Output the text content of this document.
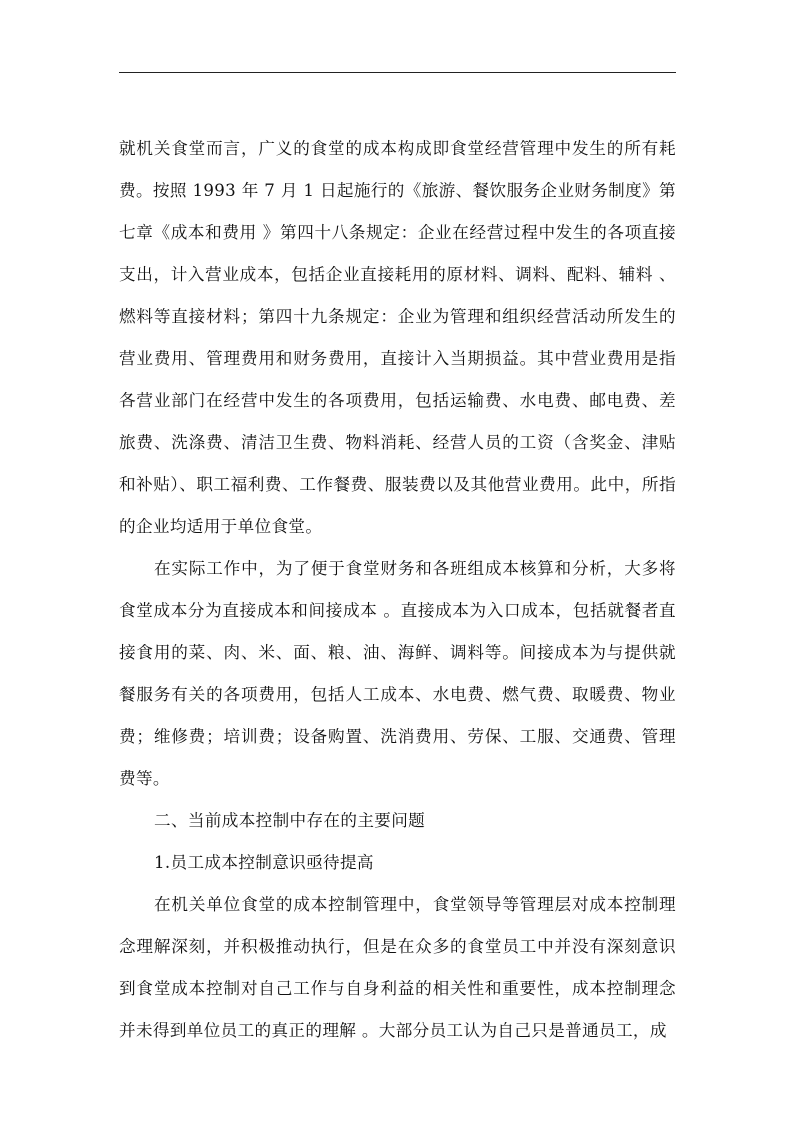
就机关食堂而言，广义的食堂的成本构成即食堂经营管理中发生的所有耗费。按照 1993 年 7 月 1 日起施行的《旅游、餐饮服务企业财务制度》第七章《成本和费用 》第四十八条规定：企业在经营过程中发生的各项直接支出，计入营业成本，包括企业直接耗用的原材料、调料、配料、辅料 、燃料等直接材料；第四十九条规定：企业为管理和组织经营活动所发生的营业费用、管理费用和财务费用，直接计入当期损益。其中营业费用是指各营业部门在经营中发生的各项费用，包括运输费、水电费、邮电费、差旅费、洗涤费、清洁卫生费、物料消耗、经营人员的工资（含奖金、津贴和补贴）、职工福利费、工作餐费、服装费以及其他营业费用。此中，所指的企业均适用于单位食堂。

在实际工作中，为了便于食堂财务和各班组成本核算和分析，大多将食堂成本分为直接成本和间接成本 。直接成本为入口成本，包括就餐者直接食用的菜、肉、米、面、粮、油、海鲜、调料等。间接成本为与提供就餐服务有关的各项费用，包括人工成本、水电费、燃气费、取暖费、物业费；维修费；培训费；设备购置、洗消费用、劳保、工服、交通费、管理费等。

二、当前成本控制中存在的主要问题

1.员工成本控制意识亟待提高

在机关单位食堂的成本控制管理中，食堂领导等管理层对成本控制理念理解深刻，并积极推动执行，但是在众多的食堂员工中并没有深刻意识到食堂成本控制对自己工作与自身利益的相关性和重要性，成本控制理念并未得到单位员工的真正的理解 。大部分员工认为自己只是普通员工，成
